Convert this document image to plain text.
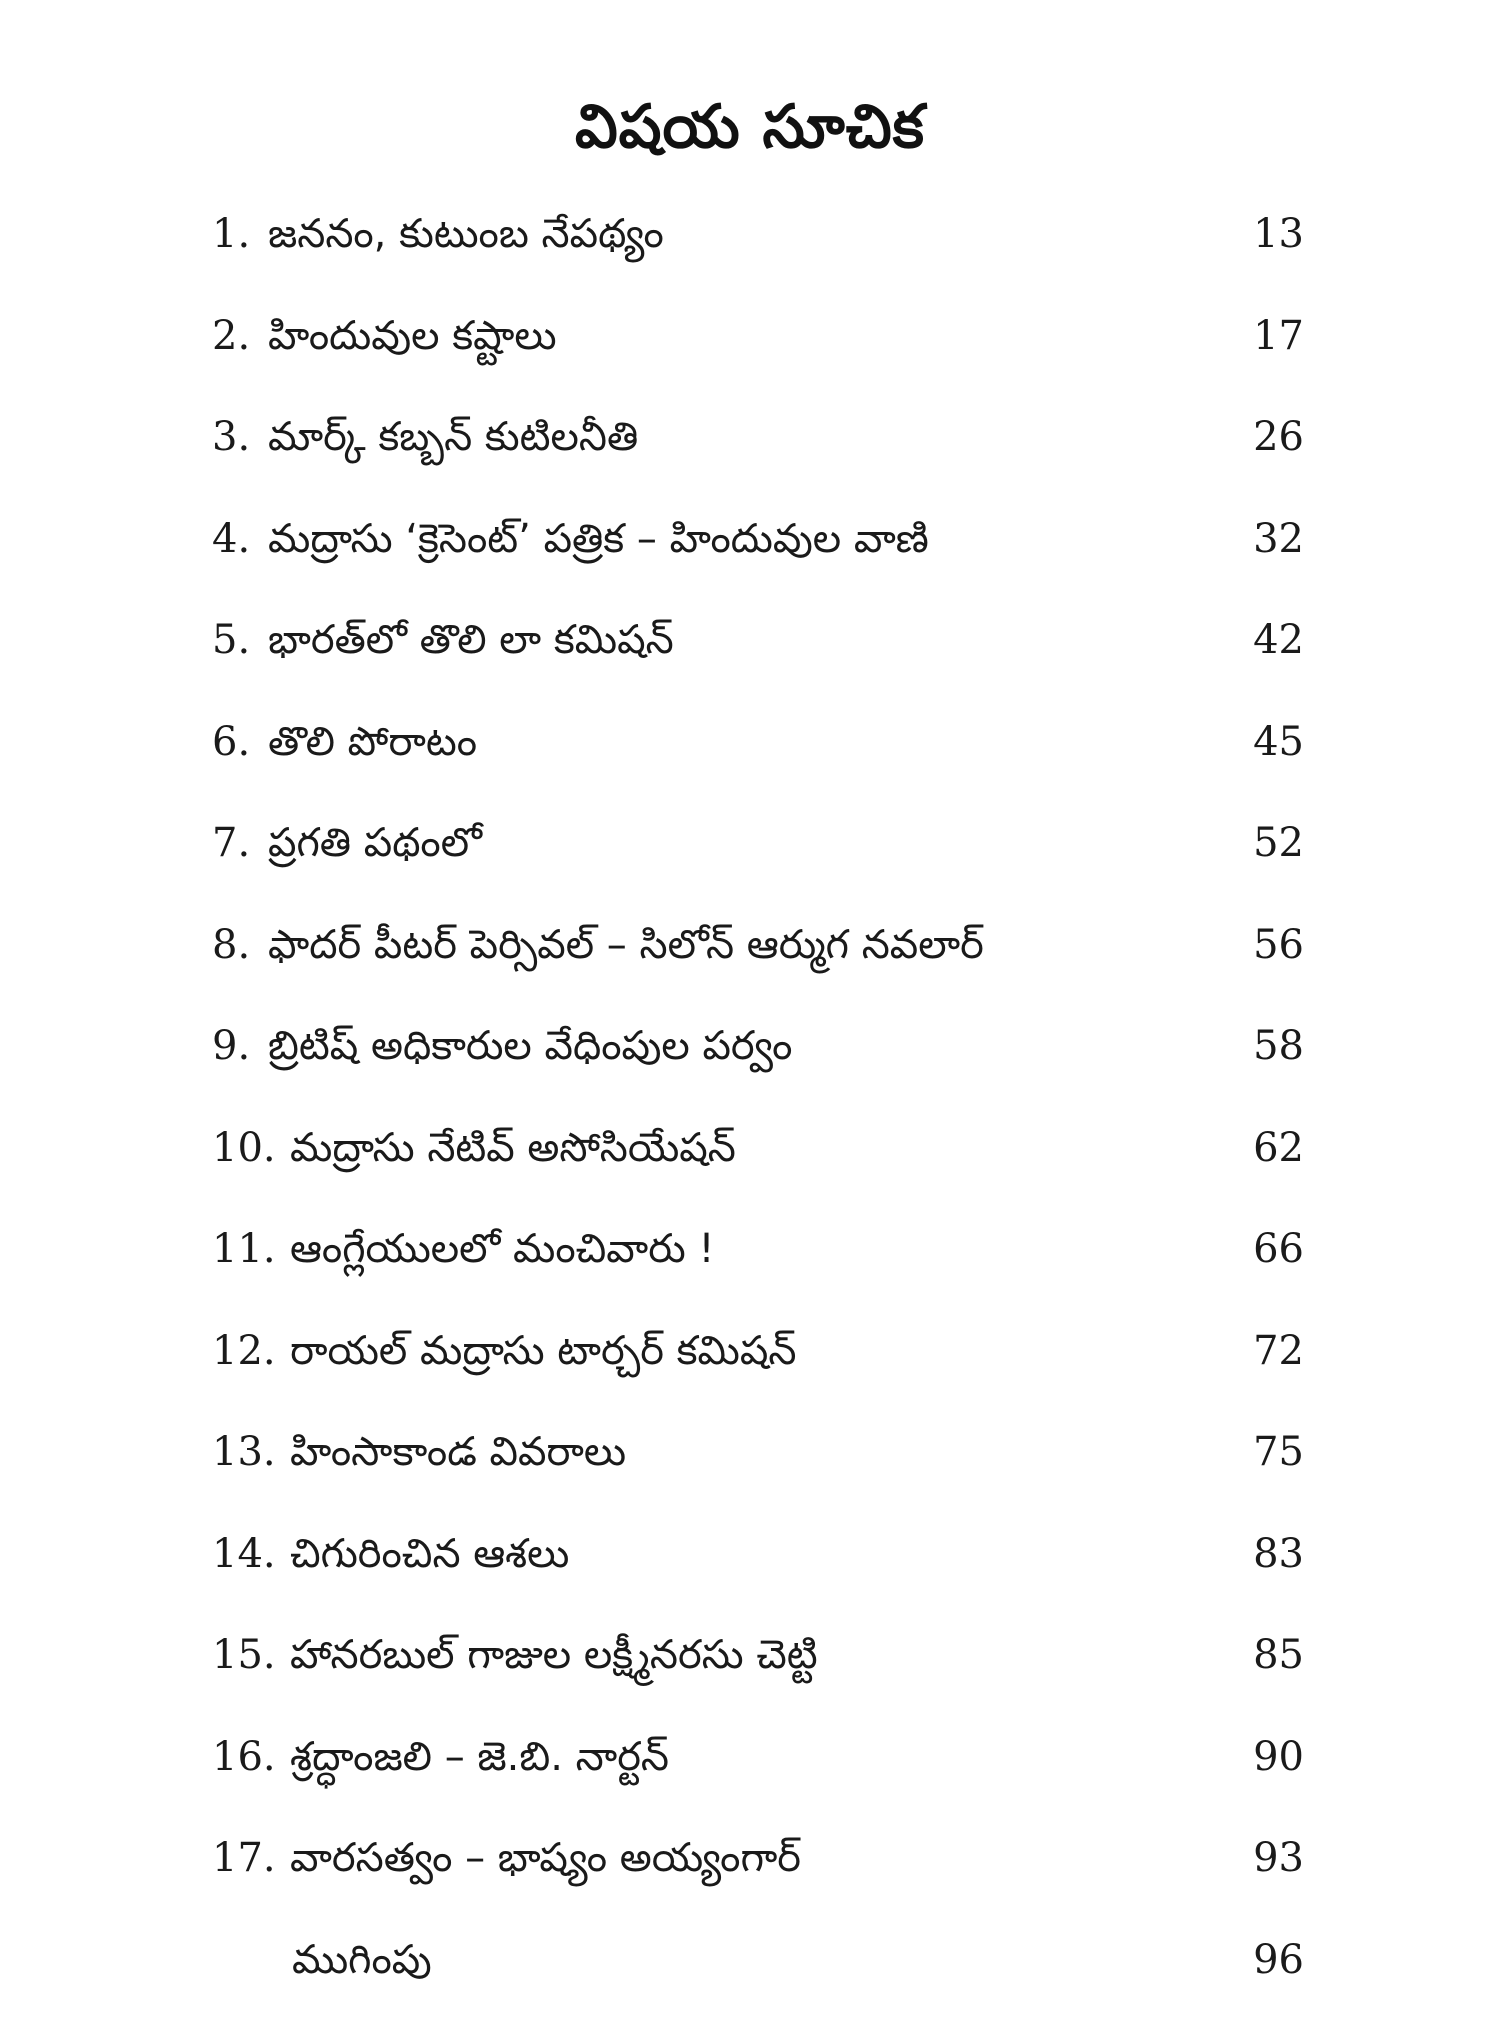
విషయ సూచిక
1. జననం, కుటుంబ నేపథ్యం	13
2. హిందువుల కష్టాలు	17
3. మార్క్ కబ్బన్ కుటిలనీతి	26
4. మద్రాసు ‘క్రెసెంట్’ పత్రిక – హిందువుల వాణి	32
5. భారత్‌లో తొలి లా కమిషన్	42
6. తొలి పోరాటం	45
7. ప్రగతి పథంలో	52
8. ఫాదర్ పీటర్ పెర్సివల్ – సిలోన్ ఆర్ముగ నవలార్	56
9. బ్రిటిష్ అధికారుల వేధింపుల పర్వం	58
10. మద్రాసు నేటివ్ అసోసియేషన్	62
11. ఆంగ్లేయులలో మంచివారు !	66
12. రాయల్ మద్రాసు టార్చర్ కమిషన్	72
13. హింసాకాండ వివరాలు	75
14. చిగురించిన ఆశలు	83
15. హానరబుల్ గాజుల లక్ష్మీనరసు చెట్టి	85
16. శ్రద్ధాంజలి – జె.బి. నార్టన్	90
17. వారసత్వం – భాష్యం అయ్యంగార్	93
ముగింపు	96
